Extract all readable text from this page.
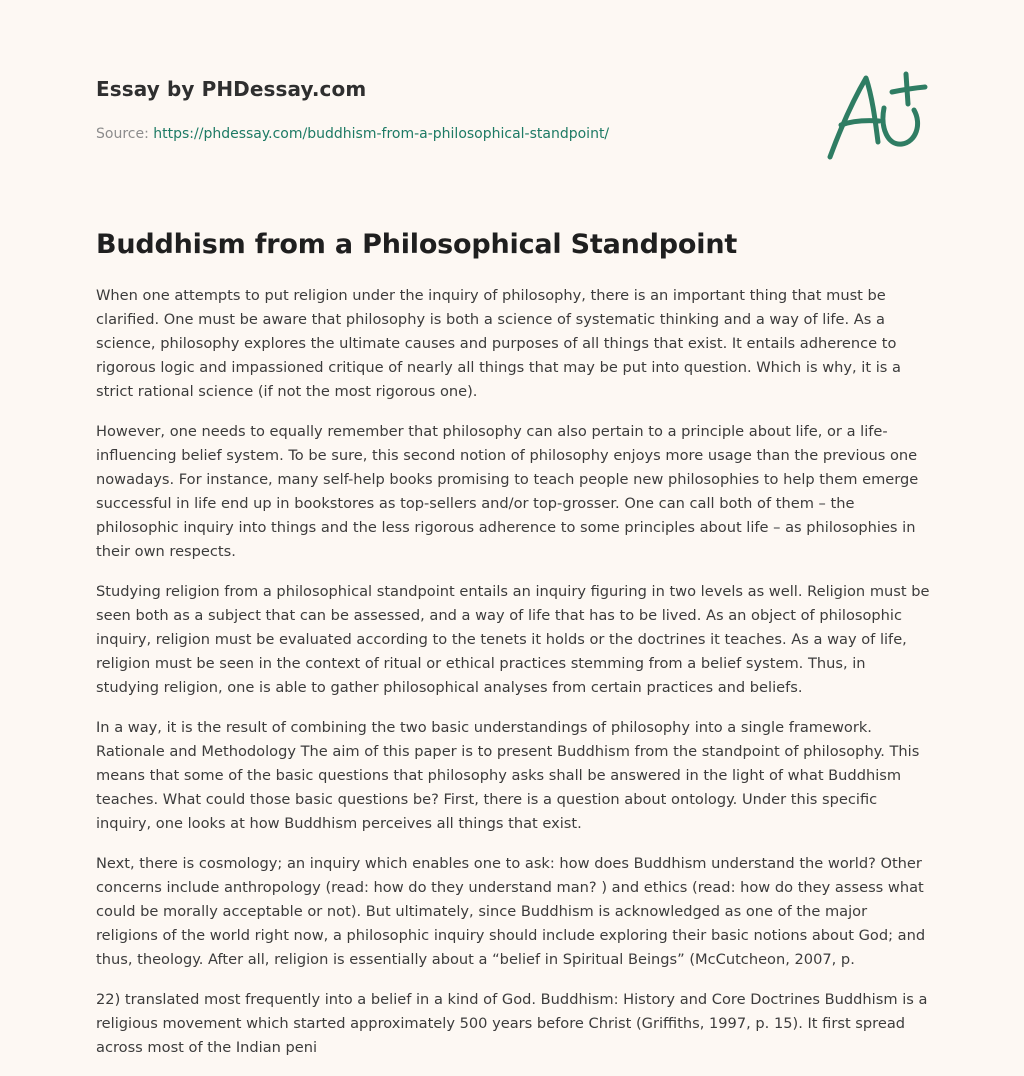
Essay by PHDessay.com
Source: https://phdessay.com/buddhism-from-a-philosophical-standpoint/
Buddhism from a Philosophical Standpoint

When one attempts to put religion under the inquiry of philosophy, there is an important thing that must be clarified. One must be aware that philosophy is both a science of systematic thinking and a way of life. As a science, philosophy explores the ultimate causes and purposes of all things that exist. It entails adherence to rigorous logic and impassioned critique of nearly all things that may be put into question. Which is why, it is a strict rational science (if not the most rigorous one).

However, one needs to equally remember that philosophy can also pertain to a principle about life, or a life-influencing belief system. To be sure, this second notion of philosophy enjoys more usage than the previous one nowadays. For instance, many self-help books promising to teach people new philosophies to help them emerge successful in life end up in bookstores as top-sellers and/or top-grosser. One can call both of them – the philosophic inquiry into things and the less rigorous adherence to some principles about life – as philosophies in their own respects.

Studying religion from a philosophical standpoint entails an inquiry figuring in two levels as well. Religion must be seen both as a subject that can be assessed, and a way of life that has to be lived. As an object of philosophic inquiry, religion must be evaluated according to the tenets it holds or the doctrines it teaches. As a way of life, religion must be seen in the context of ritual or ethical practices stemming from a belief system. Thus, in studying religion, one is able to gather philosophical analyses from certain practices and beliefs.

In a way, it is the result of combining the two basic understandings of philosophy into a single framework. Rationale and Methodology The aim of this paper is to present Buddhism from the standpoint of philosophy. This means that some of the basic questions that philosophy asks shall be answered in the light of what Buddhism teaches. What could those basic questions be? First, there is a question about ontology. Under this specific inquiry, one looks at how Buddhism perceives all things that exist.

Next, there is cosmology; an inquiry which enables one to ask: how does Buddhism understand the world? Other concerns include anthropology (read: how do they understand man? ) and ethics (read: how do they assess what could be morally acceptable or not). But ultimately, since Buddhism is acknowledged as one of the major religions of the world right now, a philosophic inquiry should include exploring their basic notions about God; and thus, theology. After all, religion is essentially about a “belief in Spiritual Beings” (McCutcheon, 2007, p.

22) translated most frequently into a belief in a kind of God. Buddhism: History and Core Doctrines Buddhism is a religious movement which started approximately 500 years before Christ (Griffiths, 1997, p. 15). It first spread across most of the Indian peni
